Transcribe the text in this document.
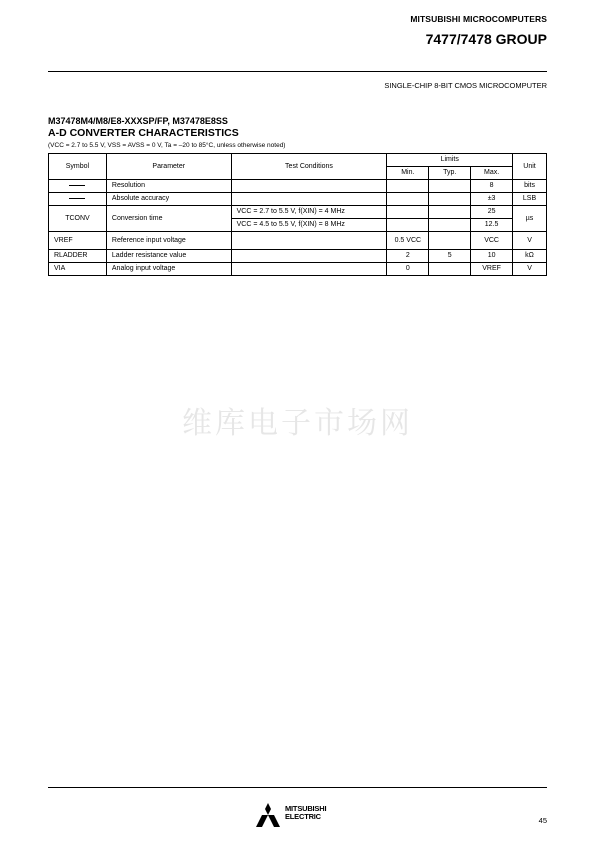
MITSUBISHI MICROCOMPUTERS
7477/7478 GROUP
SINGLE-CHIP 8-BIT CMOS MICROCOMPUTER
M37478M4/M8/E8-XXXSP/FP, M37478E8SS
A-D CONVERTER CHARACTERISTICS
(VCC = 2.7 to 5.5 V, VSS = AVSS = 0 V, Ta = –20 to 85°C, unless otherwise noted)
Symbol	Parameter	Test Conditions	Limits			Unit
			Min.	Typ.	Max.	
	Resolution				8	bits
	Absolute accuracy				±3	LSB
TCONV	Conversion time	VCC = 2.7 to 5.5 V, f(XIN) = 4 MHz			25	µs
		VCC = 4.5 to 5.5 V, f(XIN) = 8 MHz			12.5	
VREF	Reference input voltage		0.5 VCC		VCC	V
RLADDER	Ladder resistance value		2	5	10	kΩ
VIA	Analog input voltage		0		VREF	V
维库电子市场网
MITSUBISHI
ELECTRIC	45
